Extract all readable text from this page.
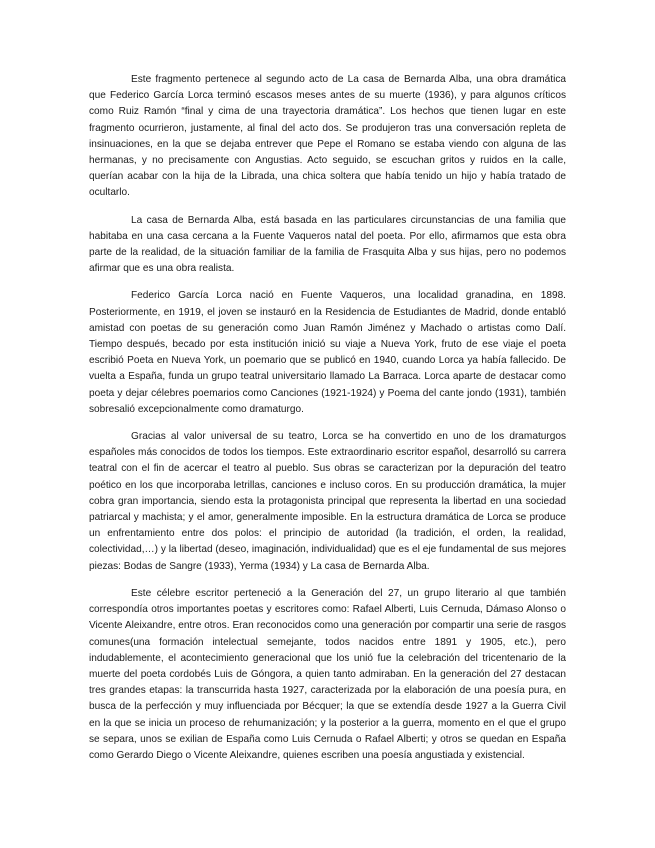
Este fragmento pertenece al segundo acto de La casa de Bernarda Alba, una obra dramática que Federico García Lorca terminó escasos meses antes de su muerte (1936), y para algunos críticos como Ruiz Ramón “final y cima de una trayectoria dramática”. Los hechos que tienen lugar en este fragmento ocurrieron, justamente, al final del acto dos. Se produjeron tras una conversación repleta de insinuaciones, en la que se dejaba entrever que Pepe el Romano se estaba viendo con alguna de las hermanas, y no precisamente con Angustias. Acto seguido, se escuchan gritos y ruidos en la calle, querían acabar con la hija de la Librada, una chica soltera que había tenido un hijo y había tratado de ocultarlo.

La casa de Bernarda Alba, está basada en las particulares circunstancias de una familia que habitaba en una casa cercana a la Fuente Vaqueros natal del poeta. Por ello, afirmamos que esta obra parte de la realidad, de la situación familiar de la familia de Frasquita Alba y sus hijas, pero no podemos afirmar que es una obra realista.

Federico García Lorca nació en Fuente Vaqueros, una localidad granadina, en 1898. Posteriormente, en 1919, el joven se instauró en la Residencia de Estudiantes de Madrid, donde entabló amistad con poetas de su generación como Juan Ramón Jiménez y Machado o artistas como Dalí. Tiempo después, becado por esta institución inició su viaje a Nueva York, fruto de ese viaje el poeta escribió Poeta en Nueva York, un poemario que se publicó en 1940, cuando Lorca ya había fallecido. De vuelta a España, funda un grupo teatral universitario llamado La Barraca. Lorca aparte de destacar como poeta y dejar célebres poemarios como Canciones (1921-1924) y Poema del cante jondo (1931), también sobresalió excepcionalmente como dramaturgo.

Gracias al valor universal de su teatro, Lorca se ha convertido en uno de los dramaturgos españoles más conocidos de todos los tiempos. Este extraordinario escritor español, desarrolló su carrera teatral con el fin de acercar el teatro al pueblo. Sus obras se caracterizan por la depuración del teatro poético en los que incorporaba letrillas, canciones e incluso coros. En su producción dramática, la mujer cobra gran importancia, siendo esta la protagonista principal que representa la libertad en una sociedad patriarcal y machista; y el amor, generalmente imposible. En la estructura dramática de Lorca se produce un enfrentamiento entre dos polos: el principio de autoridad (la tradición, el orden, la realidad, colectividad,…) y la libertad (deseo, imaginación, individualidad) que es el eje fundamental de sus mejores piezas: Bodas de Sangre (1933), Yerma (1934) y La casa de Bernarda Alba.

Este célebre escritor perteneció a la Generación del 27, un grupo literario al que también correspondía otros importantes poetas y escritores como: Rafael Alberti, Luis Cernuda, Dámaso Alonso o Vicente Aleixandre, entre otros. Eran reconocidos como una generación por compartir una serie de rasgos comunes(una formación intelectual semejante, todos nacidos entre 1891 y 1905, etc.), pero indudablemente, el acontecimiento generacional que los unió fue la celebración del tricentenario de la muerte del poeta cordobés Luis de Góngora, a quien tanto admiraban. En la generación del 27 destacan tres grandes etapas: la transcurrida hasta 1927, caracterizada por la elaboración de una poesía pura, en busca de la perfección y muy influenciada por Bécquer; la que se extendía desde 1927 a la Guerra Civil en la que se inicia un proceso de rehumanización; y la posterior a la guerra, momento en el que el grupo se separa, unos se exilian de España como Luis Cernuda o Rafael Alberti; y otros se quedan en España como Gerardo Diego o Vicente Aleixandre, quienes escriben una poesía angustiada y existencial.
